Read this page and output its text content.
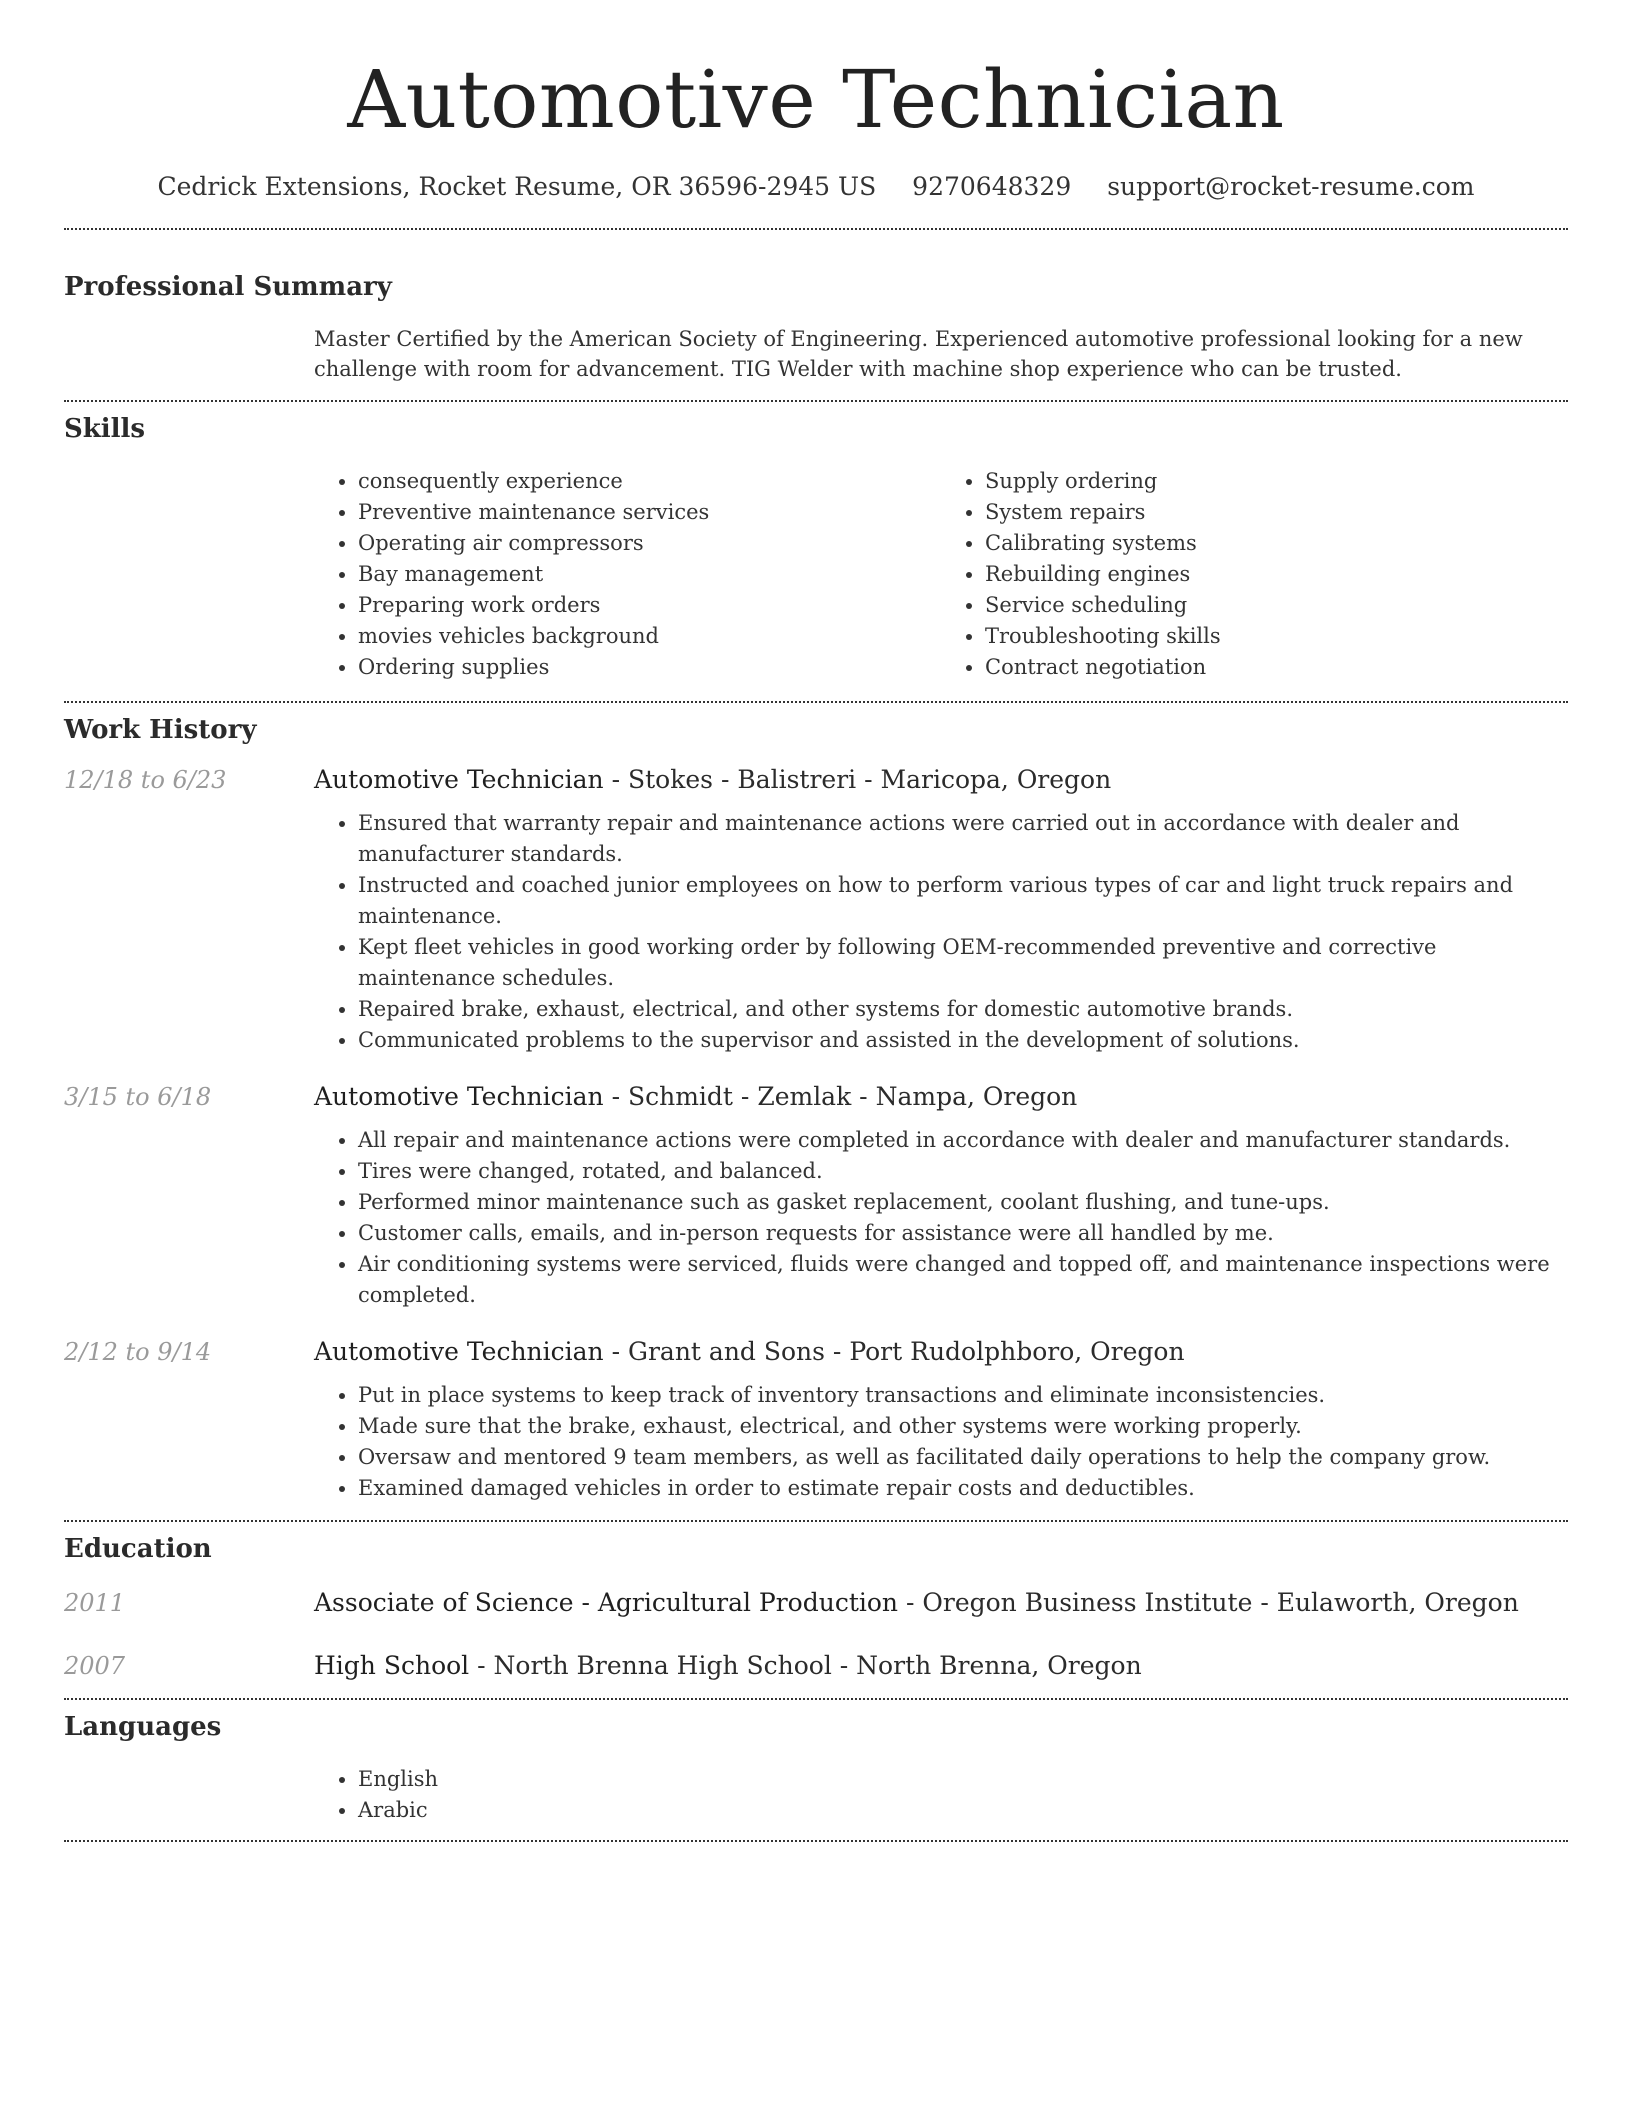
Automotive Technician
Cedrick Extensions, Rocket Resume, OR 36596-2945 US 9270648329 support@rocket-resume.com
Professional Summary

Master Certified by the American Society of Engineering. Experienced automotive professional looking for a new challenge with room for advancement. TIG Welder with machine shop experience who can be trusted.

Skills
• consequently experience
• Preventive maintenance services
• Operating air compressors
• Bay management
• Preparing work orders
• movies vehicles background
• Ordering supplies
• Supply ordering
• System repairs
• Calibrating systems
• Rebuilding engines
• Service scheduling
• Troubleshooting skills
• Contract negotiation
Work History
12/18 to 6/23	Automotive Technician - Stokes - Balistreri - Maricopa, Oregon
• Ensured that warranty repair and maintenance actions were carried out in accordance with dealer and manufacturer standards.
• Instructed and coached junior employees on how to perform various types of car and light truck repairs and maintenance.
• Kept fleet vehicles in good working order by following OEM-recommended preventive and corrective maintenance schedules.
• Repaired brake, exhaust, electrical, and other systems for domestic automotive brands.
• Communicated problems to the supervisor and assisted in the development of solutions.
3/15 to 6/18	Automotive Technician - Schmidt - Zemlak - Nampa, Oregon
• All repair and maintenance actions were completed in accordance with dealer and manufacturer standards.
• Tires were changed, rotated, and balanced.
• Performed minor maintenance such as gasket replacement, coolant flushing, and tune-ups.
• Customer calls, emails, and in-person requests for assistance were all handled by me.
• Air conditioning systems were serviced, fluids were changed and topped off, and maintenance inspections were completed.
2/12 to 9/14	Automotive Technician - Grant and Sons - Port Rudolphboro, Oregon
• Put in place systems to keep track of inventory transactions and eliminate inconsistencies.
• Made sure that the brake, exhaust, electrical, and other systems were working properly.
• Oversaw and mentored 9 team members, as well as facilitated daily operations to help the company grow.
• Examined damaged vehicles in order to estimate repair costs and deductibles.
Education
2011	Associate of Science - Agricultural Production - Oregon Business Institute - Eulaworth, Oregon
2007	High School - North Brenna High School - North Brenna, Oregon
Languages
• English
• Arabic
